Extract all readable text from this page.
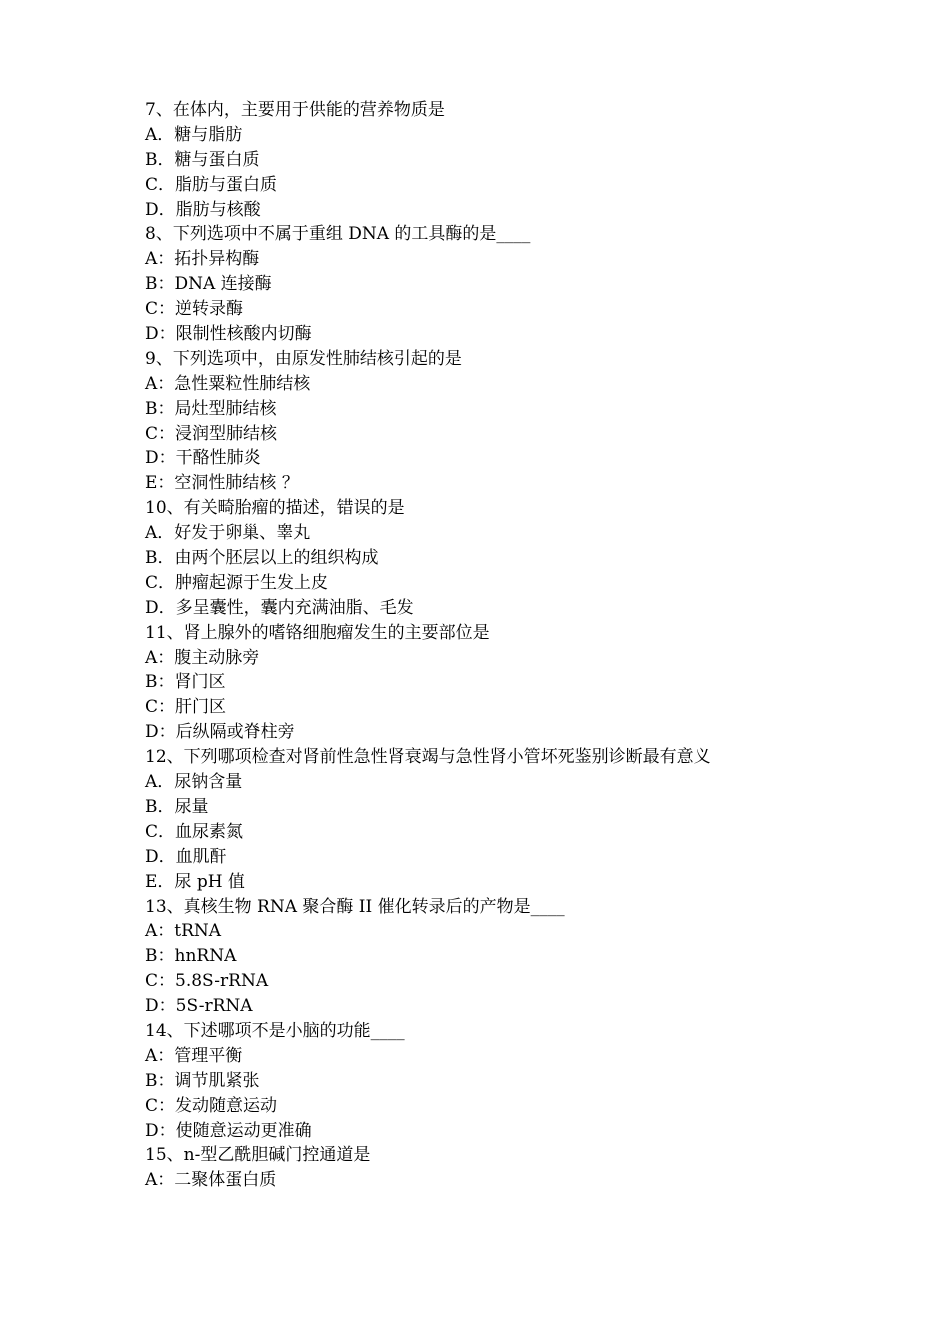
7、在体内，主要用于供能的营养物质是
A．糖与脂肪
B．糖与蛋白质
C．脂肪与蛋白质
D．脂肪与核酸
8、下列选项中不属于重组 DNA 的工具酶的是____
A：拓扑异构酶
B：DNA 连接酶
C：逆转录酶
D：限制性核酸内切酶
9、下列选项中，由原发性肺结核引起的是
A：急性粟粒性肺结核
B：局灶型肺结核
C：浸润型肺结核
D：干酪性肺炎
E：空洞性肺结核 ？
10、有关畸胎瘤的描述，错误的是
A．好发于卵巢、睾丸
B．由两个胚层以上的组织构成
C．肿瘤起源于生发上皮
D．多呈囊性，囊内充满油脂、毛发
11、肾上腺外的嗜铬细胞瘤发生的主要部位是
A：腹主动脉旁
B：肾门区
C：肝门区
D：后纵隔或脊柱旁
12、下列哪项检查对肾前性急性肾衰竭与急性肾小管坏死鉴别诊断最有意义
A．尿钠含量
B．尿量
C．血尿素氮
D．血肌酐
E．尿 pH 值
13、真核生物 RNA 聚合酶 II 催化转录后的产物是____
A：tRNA
B：hnRNA
C：5.8S-rRNA
D：5S-rRNA
14、下述哪项不是小脑的功能____
A：管理平衡
B：调节肌紧张
C：发动随意运动
D：使随意运动更准确
15、n-型乙酰胆碱门控通道是
A：二聚体蛋白质
